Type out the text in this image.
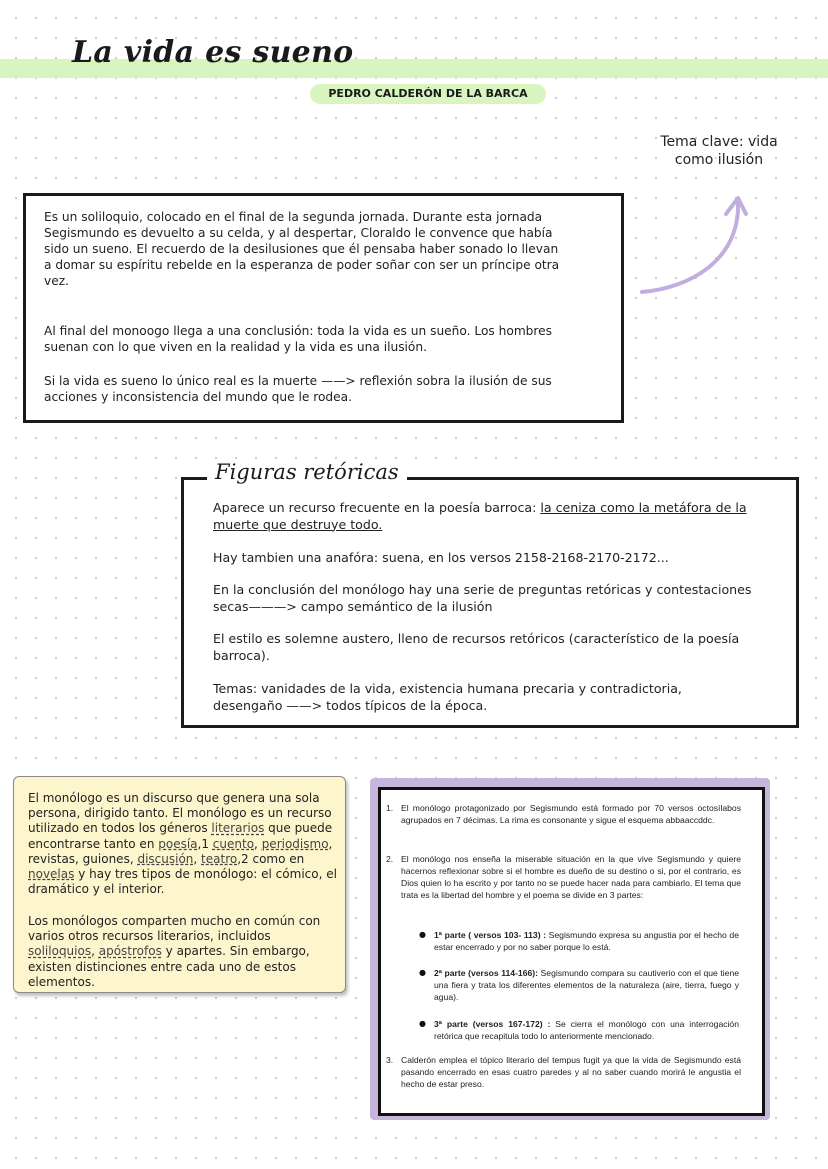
La vida es sueno
PEDRO CALDERÓN DE LA BARCA
Tema clave: vida como ilusión

Es un soliloquio, colocado en el final de la segunda jornada. Durante esta jornada Segismundo es devuelto a su celda, y al despertar, Cloraldo le convence que había sido un sueno. El recuerdo de la desilusiones que él pensaba haber sonado lo llevan a domar su espíritu rebelde en la esperanza de poder soñar con ser un príncipe otra vez.

Al final del monoogo llega a una conclusión: toda la vida es un sueño. Los hombres suenan con lo que viven en la realidad y la vida es una ilusión.

Si la vida es sueno lo único real es la muerte ——> reflexión sobra la ilusión de sus acciones y inconsistencia del mundo que le rodea.

Aparece un recurso frecuente en la poesía barroca: la ceniza como la metáfora de la muerte que destruye todo.

Hay tambien una anafóra: suena, en los versos 2158-2168-2170-2172...

En la conclusión del monólogo hay una serie de preguntas retóricas y contestaciones secas———> campo semántico de la ilusión

El estilo es solemne austero, lleno de recursos retóricos (característico de la poesía barroca).

Temas: vanidades de la vida, existencia humana precaria y contradictoria, desengaño ——> todos típicos de la época.

Figuras retóricas

El monólogo es un discurso que genera una sola persona, dirigido tanto. El monólogo es un recurso utilizado en todos los géneros literarios que puede encontrarse tanto en poesía,1 cuento, periodismo, revistas, guiones, discusión, teatro,2 como en novelas y hay tres tipos de monólogo: el cómico, el dramático y el interior.

Los monólogos comparten mucho en común con varios otros recursos literarios, incluidos soliloquios, apóstrofos y apartes. Sin embargo, existen distinciones entre cada uno de estos elementos.

1. El monólogo protagonizado por Segismundo está formado por 70 versos octosílabos agrupados en 7 décimas. La rima es consonante y sigue el esquema abbaaccddc.
2. El monólogo nos enseña la miserable situación en la que vive Segismundo y quiere hacernos reflexionar sobre si el hombre es dueño de su destino o si, por el contrario, es Dios quien lo ha escrito y por tanto no se puede hacer nada para cambiarlo. El tema que trata es la libertad del hombre y el poema se divide en 3 partes:
● 1ª parte ( versos 103- 113) : Segismundo expresa su angustia por el hecho de estar encerrado y por no saber porque lo está.
● 2ª parte (versos 114-166): Segismundo compara su cautiverio con el que tiene una fiera y trata los diferentes elementos de la naturaleza (aire, tierra, fuego y agua).
● 3ª parte (versos 167-172) : Se cierra el monólogo con una interrogación retórica que recapitula todo lo anteriormente mencionado.
3. Calderón emplea el tópico literario del tempus fugit ya que la vida de Segismundo está pasando encerrado en esas cuatro paredes y al no saber cuando morirá le angustia el hecho de estar preso.
